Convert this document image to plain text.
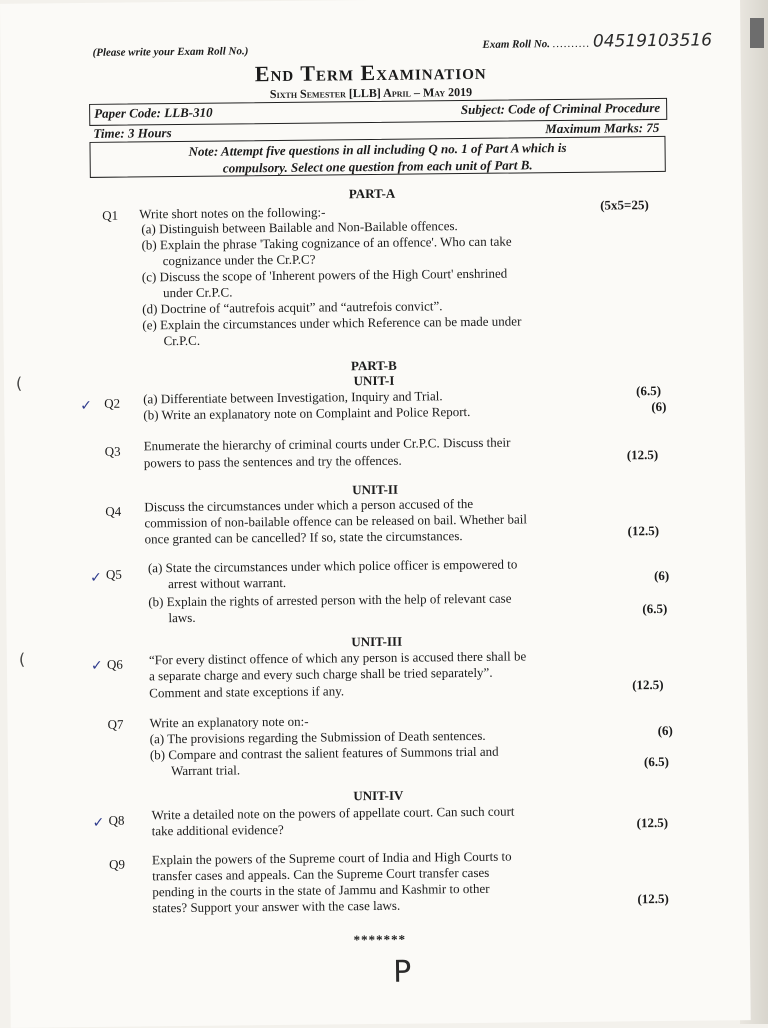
(Please write your Exam Roll No.)
Exam Roll No. .......... 04519103516
End Term Examination
Sixth Semester [LLB] April – May 2019
Paper Code: LLB-310	Subject: Code of Criminal Procedure
Time: 3 Hours	Maximum Marks: 75
Note: Attempt five questions in all including Q no. 1 of Part A which is
compulsory. Select one question from each unit of Part B.
PART-A
Q1 Write short notes on the following:-	(5x5=25)
(a) Distinguish between Bailable and Non-Bailable offences.
(b) Explain the phrase 'Taking cognizance of an offence'. Who can take
cognizance under the Cr.P.C?
(c) Discuss the scope of 'Inherent powers of the High Court' enshrined
under Cr.P.C.
(d) Doctrine of “autrefois acquit” and “autrefois convict”.
(e) Explain the circumstances under which Reference can be made under
Cr.P.C.
PART-B
UNIT-I
(
✓ Q2 (a) Differentiate between Investigation, Inquiry and Trial.	(6.5)
(b) Write an explanatory note on Complaint and Police Report.	(6)
Q3 Enumerate the hierarchy of criminal courts under Cr.P.C. Discuss their
powers to pass the sentences and try the offences.	(12.5)
UNIT-II
Q4 Discuss the circumstances under which a person accused of the
commission of non-bailable offence can be released on bail. Whether bail
once granted can be cancelled? If so, state the circumstances.	(12.5)
✓ Q5 (a) State the circumstances under which police officer is empowered to
arrest without warrant.	(6)
(b) Explain the rights of arrested person with the help of relevant case
laws.
(6.5)
UNIT-III
(	✓ Q6 “For every distinct offence of which any person is accused there shall be
a separate charge and every such charge shall be tried separately”.
Comment and state exceptions if any.	(12.5)
Q7 Write an explanatory note on:-
(a) The provisions regarding the Submission of Death sentences.	(6)
(b) Compare and contrast the salient features of Summons trial and
Warrant trial.
(6.5)
UNIT-IV
✓ Q8 Write a detailed note on the powers of appellate court. Can such court
take additional evidence?	(12.5)
Q9 Explain the powers of the Supreme court of India and High Courts to
transfer cases and appeals. Can the Supreme Court transfer cases
pending in the courts in the state of Jammu and Kashmir to other
states? Support your answer with the case laws.	(12.5)
*******
P
